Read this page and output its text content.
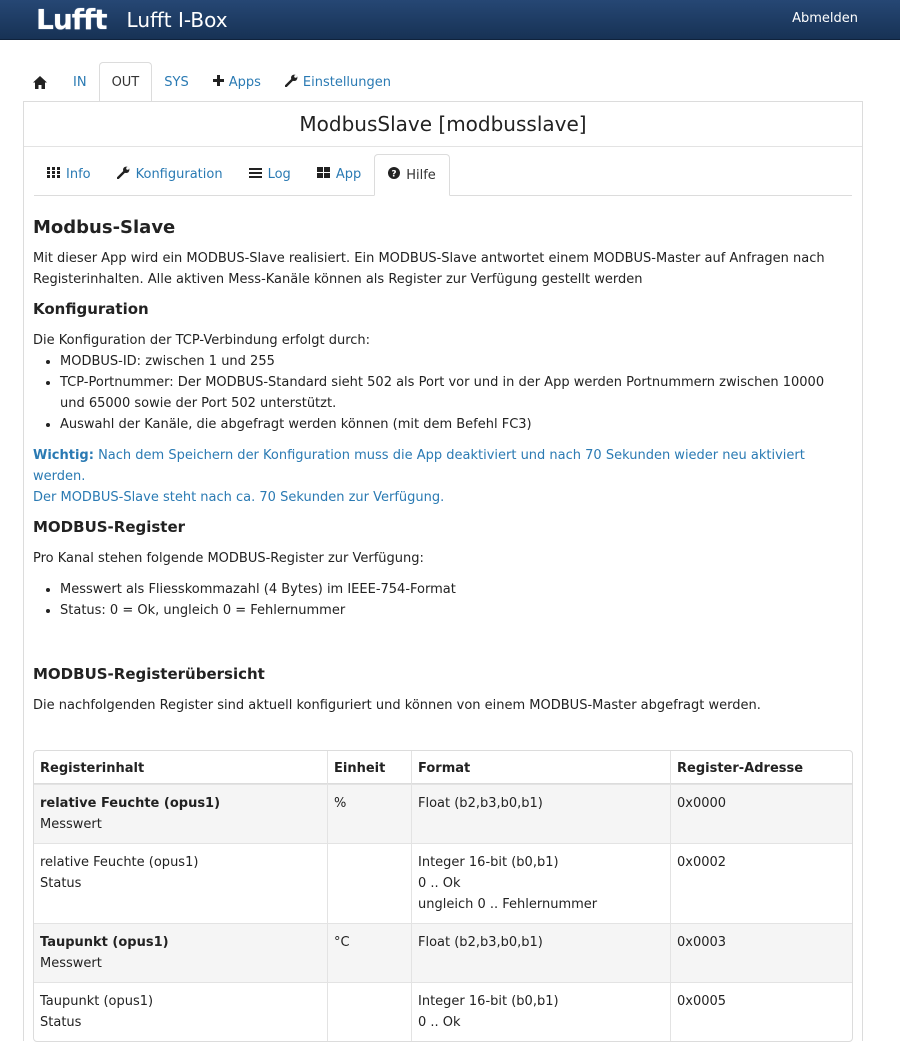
Lufft Lufft I-Box	Abmelden
IN OUT SYS	Apps	Einstellungen
ModbusSlave [modbusslave]
Info	Konfiguration	Log	App	? Hilfe
Modbus-Slave

Mit dieser App wird ein MODBUS-Slave realisiert. Ein MODBUS-Slave antwortet einem MODBUS-Master auf Anfragen nach Registerinhalten. Alle aktiven Mess-Kanäle können als Register zur Verfügung gestellt werden

Konfiguration

Die Konfiguration der TCP-Verbindung erfolgt durch:

• MODBUS-ID: zwischen 1 und 255
• TCP-Portnummer: Der MODBUS-Standard sieht 502 als Port vor und in der App werden Portnummern zwischen 10000 und 65000 sowie der Port 502 unterstützt.
• Auswahl der Kanäle, die abgefragt werden können (mit dem Befehl FC3)
Wichtig: Nach dem Speichern der Konfiguration muss die App deaktiviert und nach 70 Sekunden wieder neu aktiviert werden.
Der MODBUS-Slave steht nach ca. 70 Sekunden zur Verfügung.
MODBUS-Register

Pro Kanal stehen folgende MODBUS-Register zur Verfügung:

• Messwert als Fliesskommazahl (4 Bytes) im IEEE-754-Format
• Status: 0 = Ok, ungleich 0 = Fehlernummer
MODBUS-Registerübersicht

Die nachfolgenden Register sind aktuell konfiguriert und können von einem MODBUS-Master abgefragt werden.

Registerinhalt	Einheit	Format	Register-Adresse
relative Feuchte (opus1)
Messwert	%	Float (b2,b3,b0,b1)	0x0000
relative Feuchte (opus1)
Status		Integer 16-bit (b0,b1)
0 .. Ok
ungleich 0 .. Fehlernummer	0x0002
Taupunkt (opus1)
Messwert	°C	Float (b2,b3,b0,b1)	0x0003
Taupunkt (opus1)
Status		Integer 16-bit (b0,b1)
0 .. Ok	0x0005
